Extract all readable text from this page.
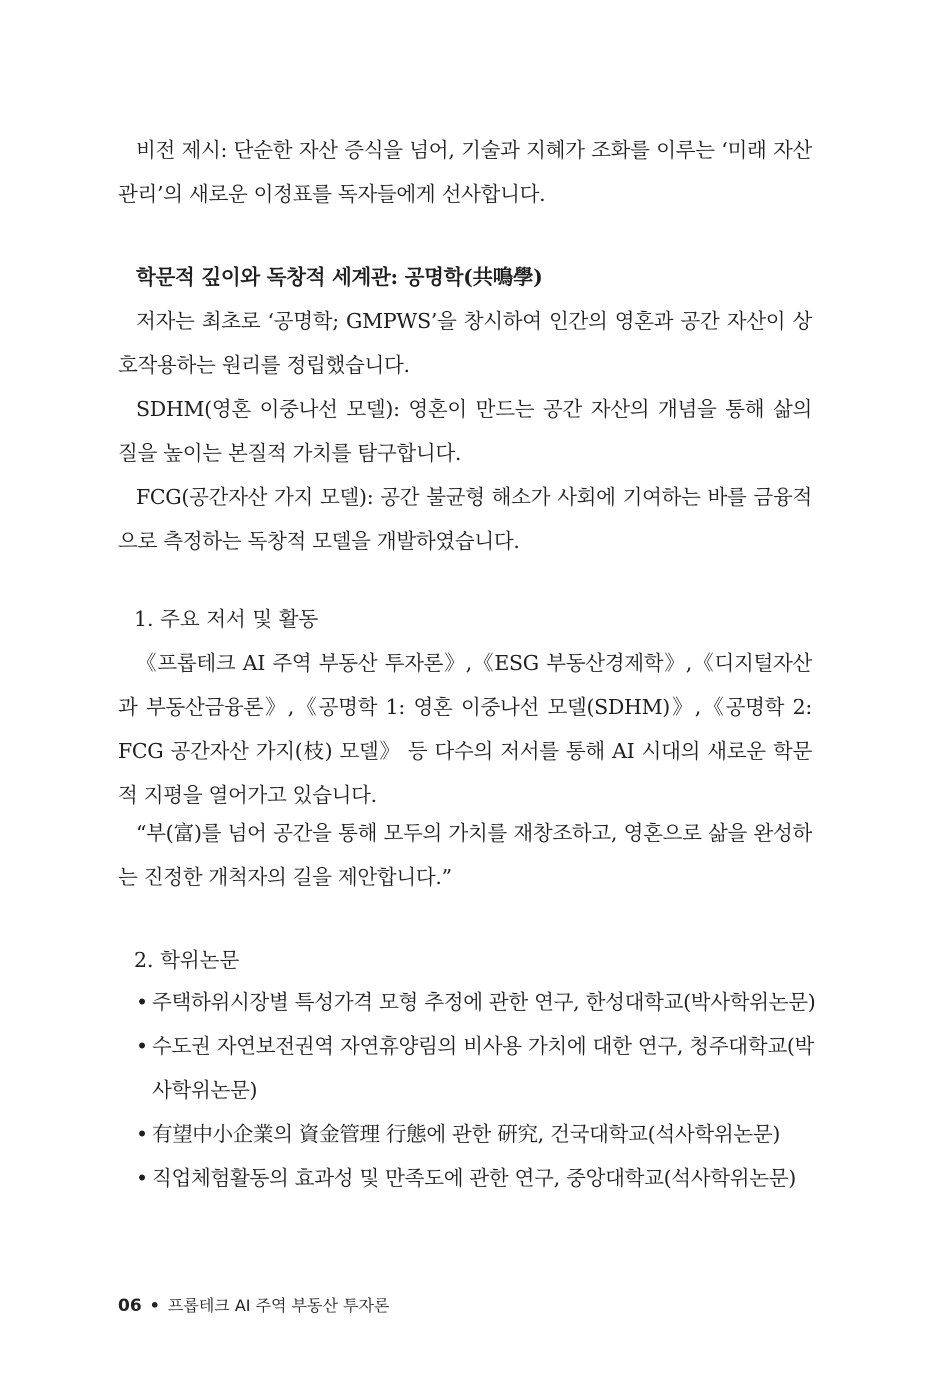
비전 제시: 단순한 자산 증식을 넘어, 기술과 지혜가 조화를 이루는 ‘미래 자산 관리’의 새로운 이정표를 독자들에게 선사합니다.

학문적 깊이와 독창적 세계관: 공명학(共鳴學)

저자는 최초로 ‘공명학; GMPWS’을 창시하여 인간의 영혼과 공간 자산이 상호작용하는 원리를 정립했습니다.

SDHM(영혼 이중나선 모델): 영혼이 만드는 공간 자산의 개념을 통해 삶의 질을 높이는 본질적 가치를 탐구합니다.

FCG(공간자산 가지 모델): 공간 불균형 해소가 사회에 기여하는 바를 금융적으로 측정하는 독창적 모델을 개발하였습니다.

1. 주요 저서 및 활동

《프롭테크 AI 주역 부동산 투자론》,《ESG 부동산경제학》,《디지털자산과 부동산금융론》,《공명학 1: 영혼 이중나선 모델(SDHM)》,《공명학 2: FCG 공간자산 가지(枝) 모델》 등 다수의 저서를 통해 AI 시대의 새로운 학문적 지평을 열어가고 있습니다.

“부(富)를 넘어 공간을 통해 모두의 가치를 재창조하고, 영혼으로 삶을 완성하는 진정한 개척자의 길을 제안합니다.”

2. 학위논문

• 주택하위시장별 특성가격 모형 추정에 관한 연구, 한성대학교(박사학위논문)
• 수도권 자연보전권역 자연휴양림의 비사용 가치에 대한 연구, 청주대학교(박사학위논문)
• 有望中小企業의 資金管理 行態에 관한 硏究, 건국대학교(석사학위논문)
• 직업체험활동의 효과성 및 만족도에 관한 연구, 중앙대학교(석사학위논문)
06 • 프롭테크 AI 주역 부동산 투자론
